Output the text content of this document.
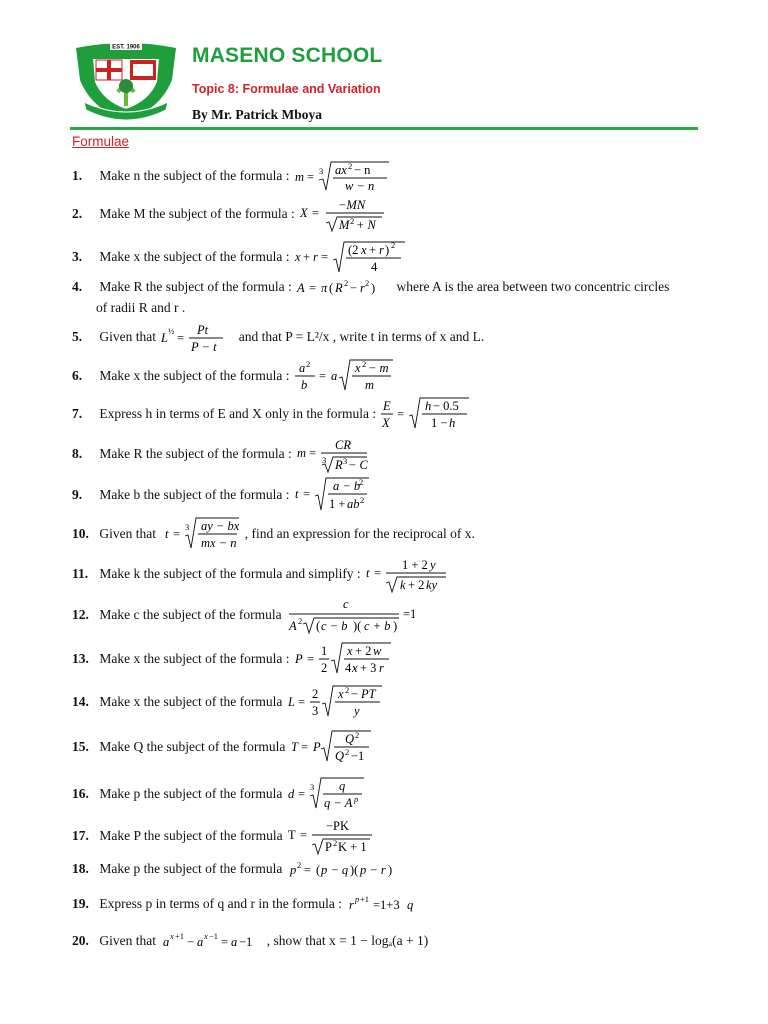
EST. 1906 MASENO SCHOOL
Topic 8: Formulae and Variation
By Mr. Patrick Mboya
Formulae
1. Make n the subject of the formula : m = 3 ax 2 − n
w − n
2. Make M the subject of the formula : X =
−MN
M 2 + N
3. Make x the subject of the formula : x + r = (2 x + r ) 2
4
4. Make R the subject of the formula : A = π ( R 2 − r 2 ) where A is the area between two concentric circles
of radii R and r .
5. Given that L ½ =
Pt
P − t
and that P = L²/x , write t in terms of x and L.
6. Make x the subject of the formula :
a 2
b
= a
x 2 − m
m
7. Express h in terms of E and X only in the formula :
E
X
=
h − 0.5
1 − h
8. Make R the subject of the formula : m =
CR
3 R 3 − C
9. Make b the subject of the formula : t =
a − b
2
1 + ab 2
10. Given that t = 3 ay − bx
mx − n
, find an expression for the reciprocal of x.
11. Make k the subject of the formula and simplify : t =
1 + 2 y
k + 2 ky
12. Make c the subject of the formula
c
A 2 ( c − b )( c + b )
=1
13. Make x the subject of the formula : P =
1
2
x + 2 w
4 x + 3 r
14. Make x the subject of the formula L =
2
3
x 2 − PT
y
15. Make Q the subject of the formula T = P
Q 2
Q 2 −1
16. Make p the subject of the formula d = 3 q
q − A p
17. Make P the subject of the formula T =
−PK
P 2 K + 1
18. Make p the subject of the formula p 2 = ( p − q )( p − r )
19. Express p in terms of q and r in the formula : r p +1 =1+3 q
20. Given that a x +1 − a x −1 = a −1 , show that x = 1 − logₐ(a + 1)
